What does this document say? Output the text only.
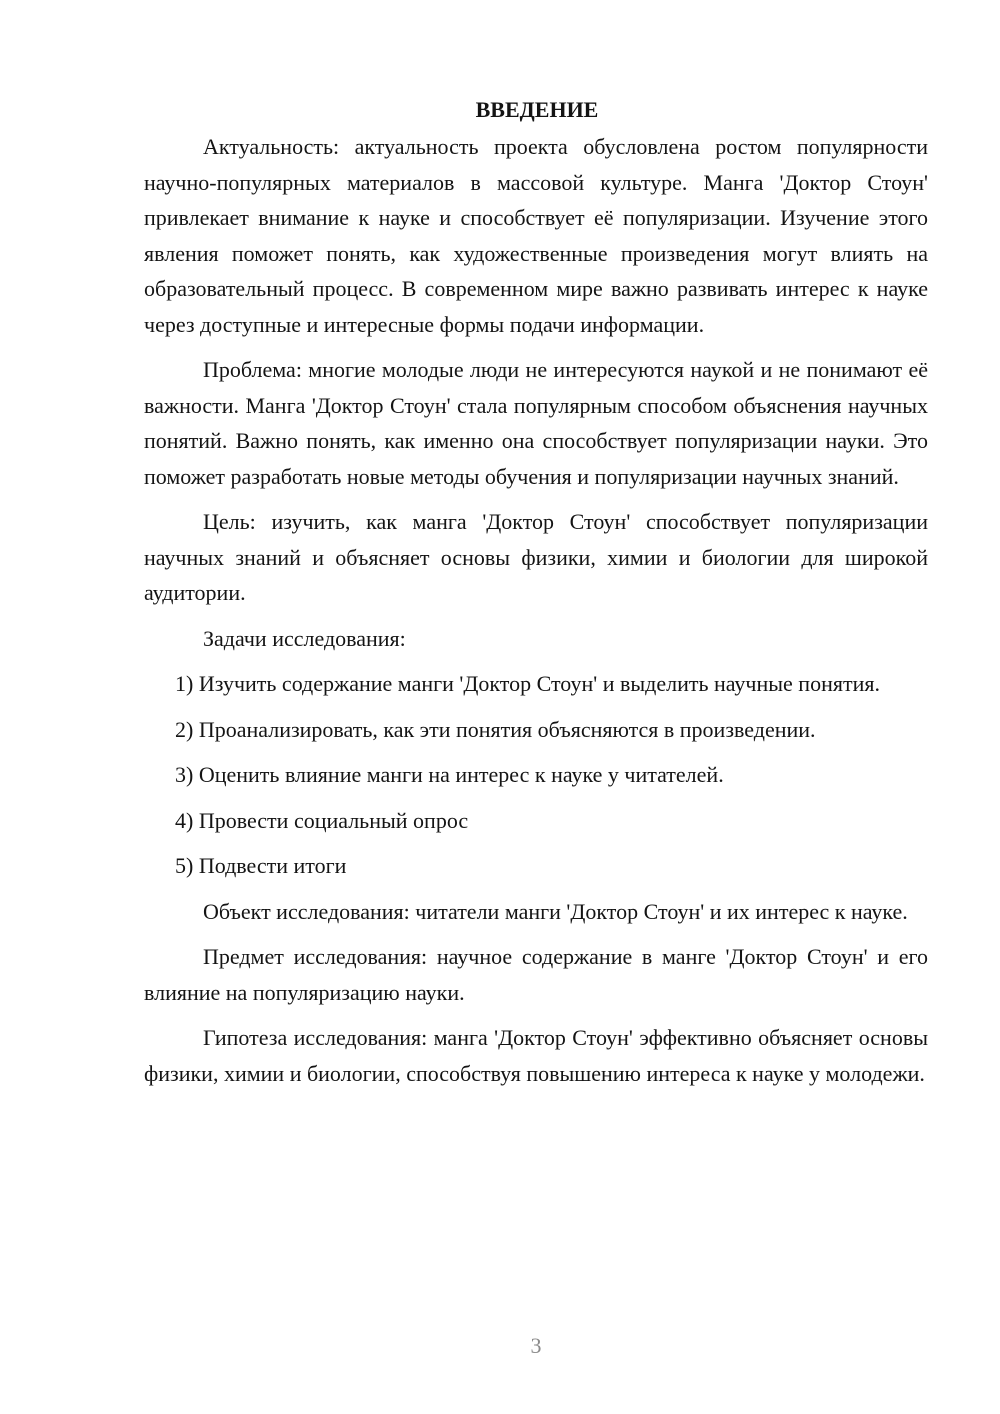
ВВЕДЕНИЕ

Актуальность: актуальность проекта обусловлена ростом популярности научно-популярных материалов в массовой культуре. Манга 'Доктор Стоун' привлекает внимание к науке и способствует её популяризации. Изучение этого явления поможет понять, как художественные произведения могут влиять на образовательный процесс. В современном мире важно развивать интерес к науке через доступные и интересные формы подачи информации.

Проблема: многие молодые люди не интересуются наукой и не понимают её важности. Манга 'Доктор Стоун' стала популярным способом объяснения научных понятий. Важно понять, как именно она способствует популяризации науки. Это поможет разработать новые методы обучения и популяризации научных знаний.

Цель: изучить, как манга 'Доктор Стоун' способствует популяризации научных знаний и объясняет основы физики, химии и биологии для широкой аудитории.

Задачи исследования:

1) Изучить содержание манги 'Доктор Стоун' и выделить научные понятия.

2) Проанализировать, как эти понятия объясняются в произведении.

3) Оценить влияние манги на интерес к науке у читателей.

4) Провести социальный опрос

5) Подвести итоги

Объект исследования: читатели манги 'Доктор Стоун' и их интерес к науке.

Предмет исследования: научное содержание в манге 'Доктор Стоун' и его влияние на популяризацию науки.

Гипотеза исследования: манга 'Доктор Стоун' эффективно объясняет основы физики, химии и биологии, способствуя повышению интереса к науке у молодежи.

3
